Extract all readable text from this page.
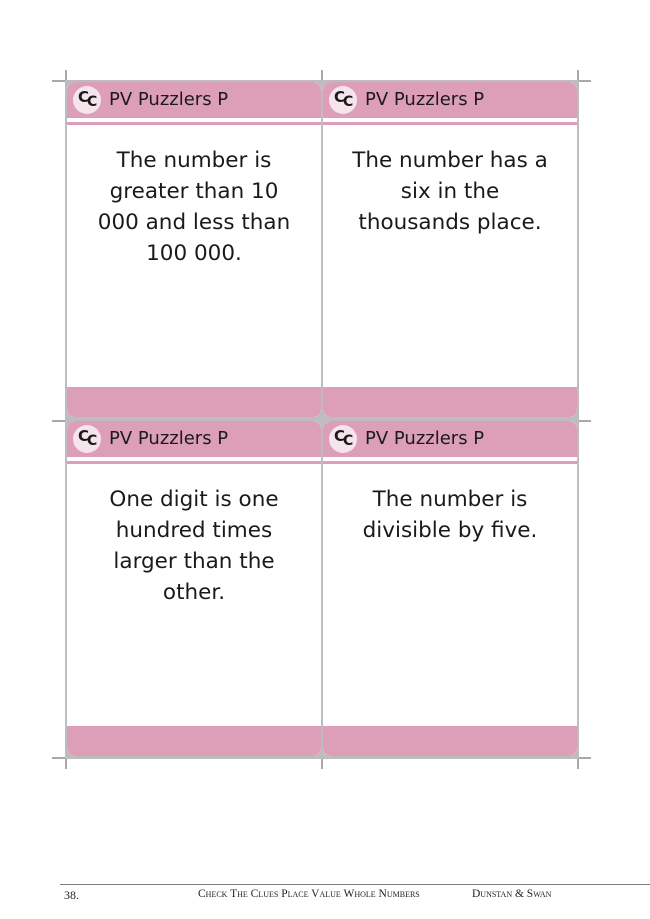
C
C PV Puzzlers P
The number is greater than 10 000 and less than 100 000.
C
C PV Puzzlers P
The number has a six in the thousands place.
C
C PV Puzzlers P
One digit is one hundred times larger than the other.
C
C PV Puzzlers P
The number is divisible by five.
38.	Check The Clues Place Value Whole Numbers	Dunstan & Swan
